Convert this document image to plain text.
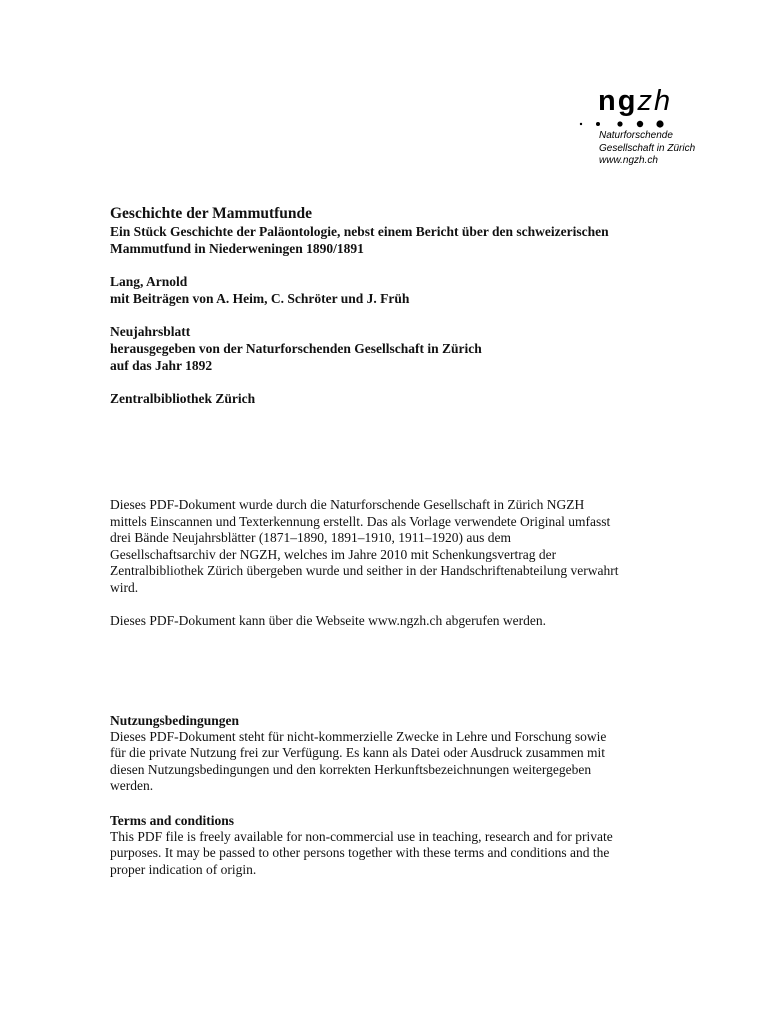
ngzh
Naturforschende
Gesellschaft in Zürich
www.ngzh.ch

Geschichte der Mammutfunde

Ein Stück Geschichte der Paläontologie, nebst einem Bericht über den schweizerischen
Mammutfund in Niederweningen 1890/1891

Lang, Arnold

mit Beiträgen von A. Heim, C. Schröter und J. Früh

Neujahrsblatt

herausgegeben von der Naturforschenden Gesellschaft in Zürich

auf das Jahr 1892

Zentralbibliothek Zürich

Dieses PDF-Dokument wurde durch die Naturforschende Gesellschaft in Zürich NGZH
mittels Einscannen und Texterkennung erstellt. Das als Vorlage verwendete Original umfasst
drei Bände Neujahrsblätter (1871–1890, 1891–1910, 1911–1920) aus dem
Gesellschaftsarchiv der NGZH, welches im Jahre 2010 mit Schenkungsvertrag der
Zentralbibliothek Zürich übergeben wurde und seither in der Handschriftenabteilung verwahrt
wird.

Dieses PDF-Dokument kann über die Webseite www.ngzh.ch abgerufen werden.

Nutzungsbedingungen

Dieses PDF-Dokument steht für nicht-kommerzielle Zwecke in Lehre und Forschung sowie
für die private Nutzung frei zur Verfügung. Es kann als Datei oder Ausdruck zusammen mit
diesen Nutzungsbedingungen und den korrekten Herkunftsbezeichnungen weitergegeben
werden.

Terms and conditions

This PDF file is freely available for non-commercial use in teaching, research and for private
purposes. It may be passed to other persons together with these terms and conditions and the
proper indication of origin.
